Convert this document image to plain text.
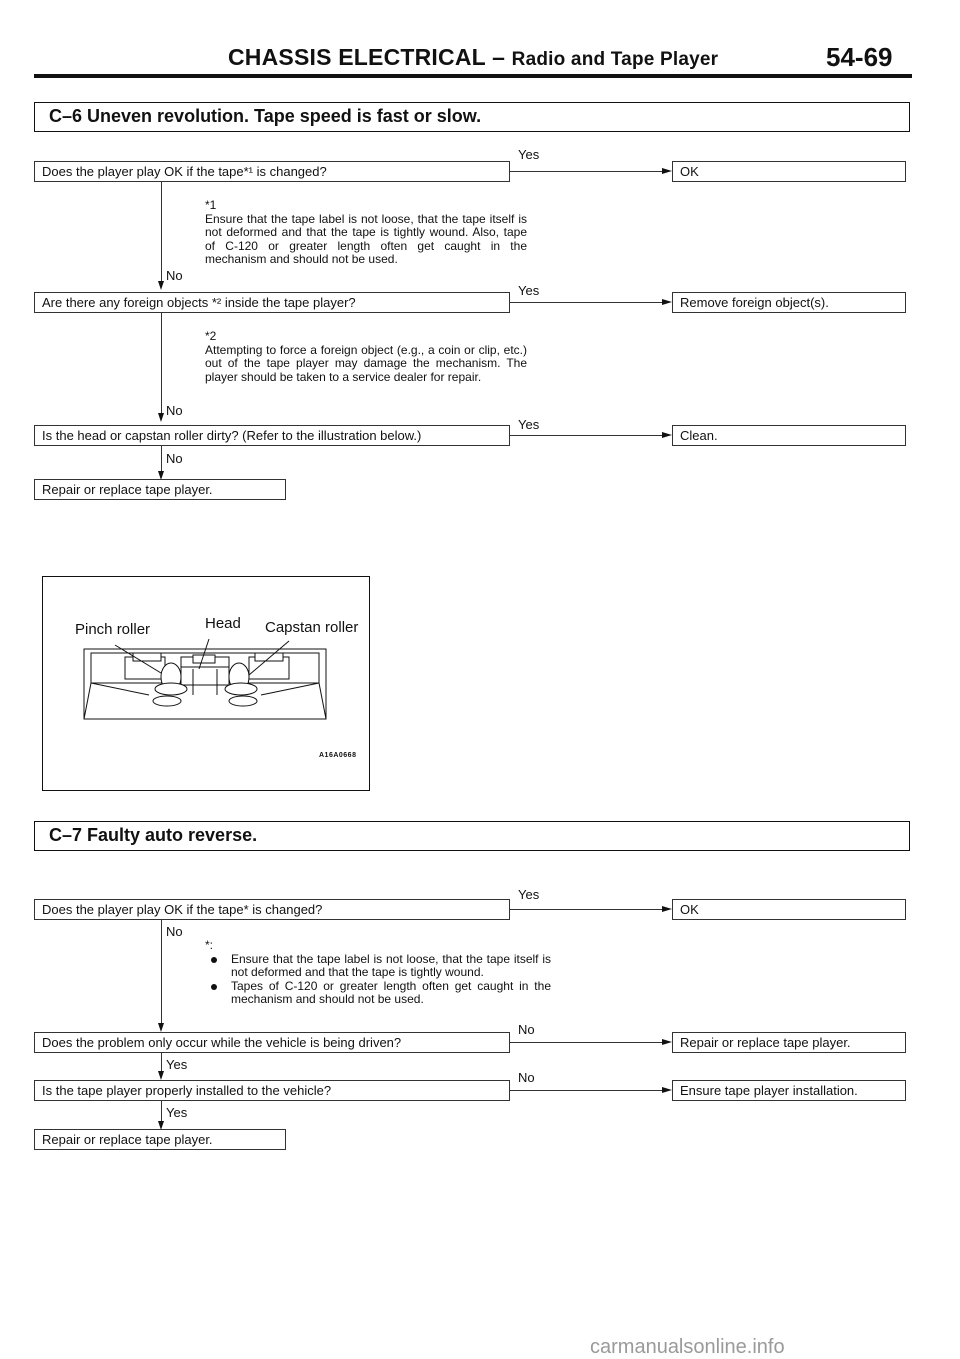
CHASSIS ELECTRICAL – Radio and Tape Player	54-69
C–6 Uneven revolution. Tape speed is fast or slow.
Does the player play OK if the tape*¹ is changed?
Yes
OK
No

*1

Ensure that the tape label is not loose, that the tape itself is not deformed and that the tape is tightly wound. Also, tape of C-120 or greater length often get caught in the mechanism and should not be used.

Are there any foreign objects *² inside the tape player?
Yes
Remove foreign object(s).
No

*2

Attempting to force a foreign object (e.g., a coin or clip, etc.) out of the tape player may damage the mechanism. The player should be taken to a service dealer for repair.

Is the head or capstan roller dirty? (Refer to the illustration below.)
Yes
Clean.
No
Repair or replace tape player.
Pinch roller	Head Capstan roller
A16A0668
C–7 Faulty auto reverse.
Does the player play OK if the tape* is changed?
Yes
OK
No

*:

Ensure that the tape label is not loose, that the tape itself is not deformed and that the tape is tightly wound.

Tapes of C-120 or greater length often get caught in the mechanism and should not be used.

Does the problem only occur while the vehicle is being driven?
No
Repair or replace tape player.
Yes
Is the tape player properly installed to the vehicle?
No
Ensure tape player installation.
Yes
Repair or replace tape player.
carmanualsonline.info
